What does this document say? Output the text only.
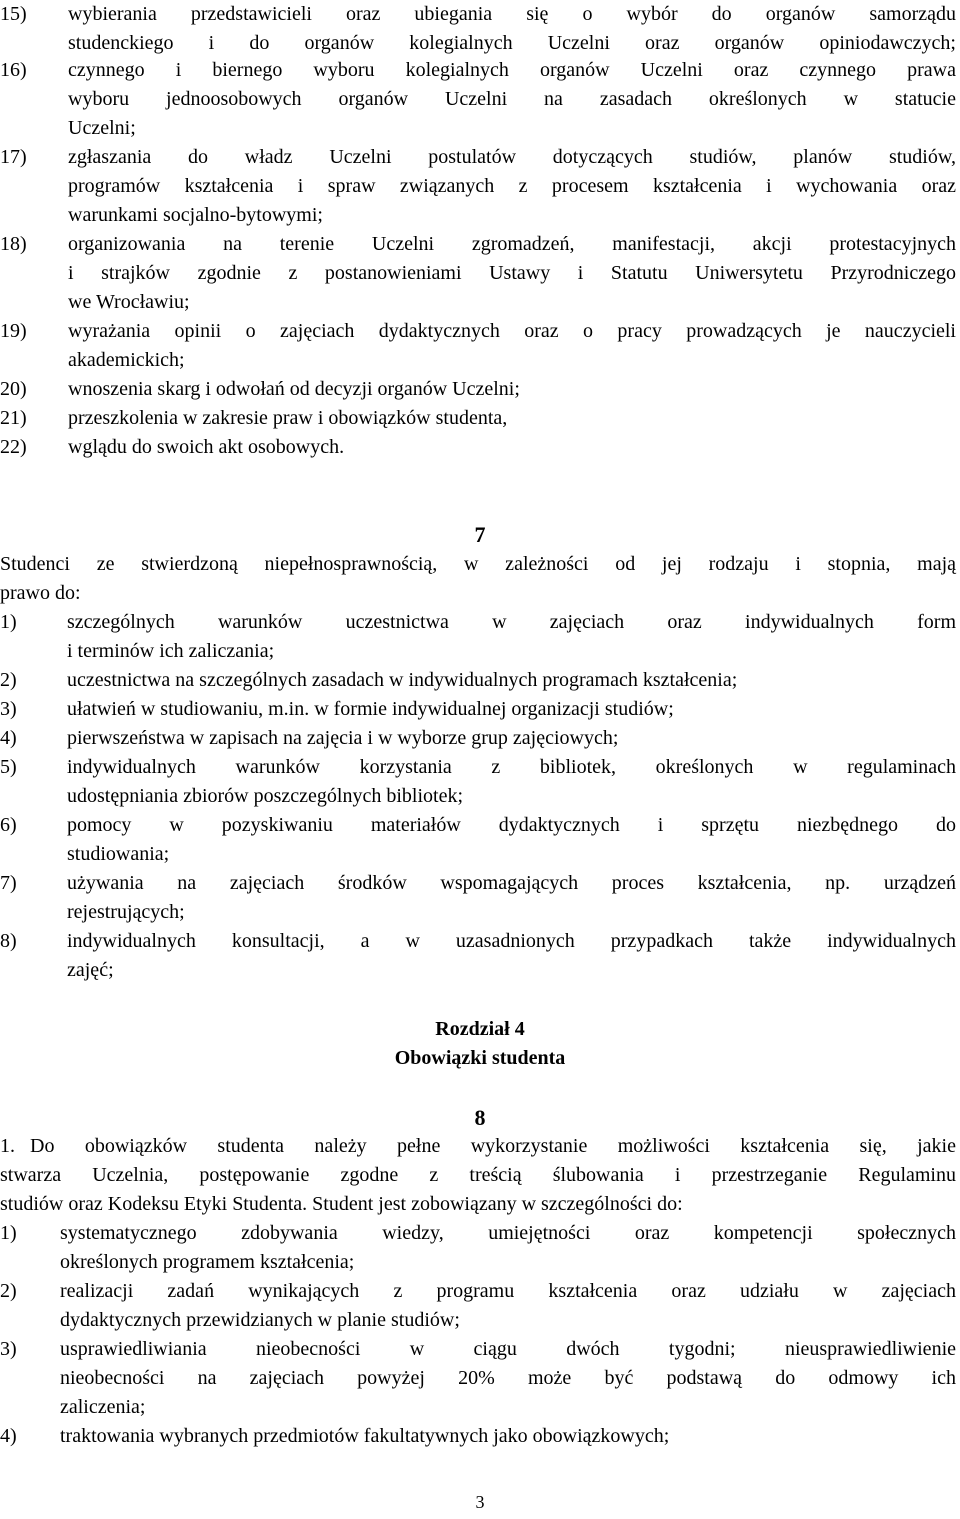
15) wybierania przedstawicieli oraz ubiegania się o wybór do organów samorządu
studenckiego i do organów kolegialnych Uczelni oraz organów opiniodawczych;
16) czynnego i biernego wyboru kolegialnych organów Uczelni oraz czynnego prawa
wyboru jednoosobowych organów Uczelni na zasadach określonych w statucie
Uczelni;
17) zgłaszania do władz Uczelni postulatów dotyczących studiów, planów studiów,
programów kształcenia i spraw związanych z procesem kształcenia i wychowania oraz
warunkami socjalno-bytowymi;
18) organizowania na terenie Uczelni zgromadzeń, manifestacji, akcji protestacyjnych
i strajków zgodnie z postanowieniami Ustawy i Statutu Uniwersytetu Przyrodniczego
we Wrocławiu;
19) wyrażania opinii o zajęciach dydaktycznych oraz o pracy prowadzących je nauczycieli
akademickich;
20) wnoszenia skarg i odwołań od decyzji organów Uczelni;
21) przeszkolenia w zakresie praw i obowiązków studenta,
22) wglądu do swoich akt osobowych.
7
Studenci ze stwierdzoną niepełnosprawnością, w zależności od jej rodzaju i stopnia, mają
prawo do:
1)	szczególnych warunków uczestnictwa w zajęciach oraz indywidualnych form
i terminów ich zaliczania;
2)	uczestnictwa na szczególnych zasadach w indywidualnych programach kształcenia;
3)	ułatwień w studiowaniu, m.in. w formie indywidualnej organizacji studiów;
4)	pierwszeństwa w zapisach na zajęcia i w wyborze grup zajęciowych;
5)	indywidualnych warunków korzystania z bibliotek, określonych w regulaminach
udostępniania zbiorów poszczególnych bibliotek;
6)	pomocy w pozyskiwaniu materiałów dydaktycznych i sprzętu niezbędnego do
studiowania;
7)	używania na zajęciach środków wspomagających proces kształcenia, np. urządzeń
rejestrujących;
8)	indywidualnych konsultacji, a w uzasadnionych przypadkach także indywidualnych
zajęć;
Rozdział 4
Obowiązki studenta
8
1. Do obowiązków studenta należy pełne wykorzystanie możliwości kształcenia się, jakie
stwarza Uczelnia, postępowanie zgodne z treścią ślubowania i przestrzeganie Regulaminu
studiów oraz Kodeksu Etyki Studenta. Student jest zobowiązany w szczególności do:
1) systematycznego zdobywania wiedzy, umiejętności oraz kompetencji społecznych
określonych programem kształcenia;
2) realizacji zadań wynikających z programu kształcenia oraz udziału w zajęciach
dydaktycznych przewidzianych w planie studiów;
3) usprawiedliwiania nieobecności w ciągu dwóch tygodni; nieusprawiedliwienie
nieobecności na zajęciach powyżej 20% może być podstawą do odmowy ich
zaliczenia;
4) traktowania wybranych przedmiotów fakultatywnych jako obowiązkowych;
3
